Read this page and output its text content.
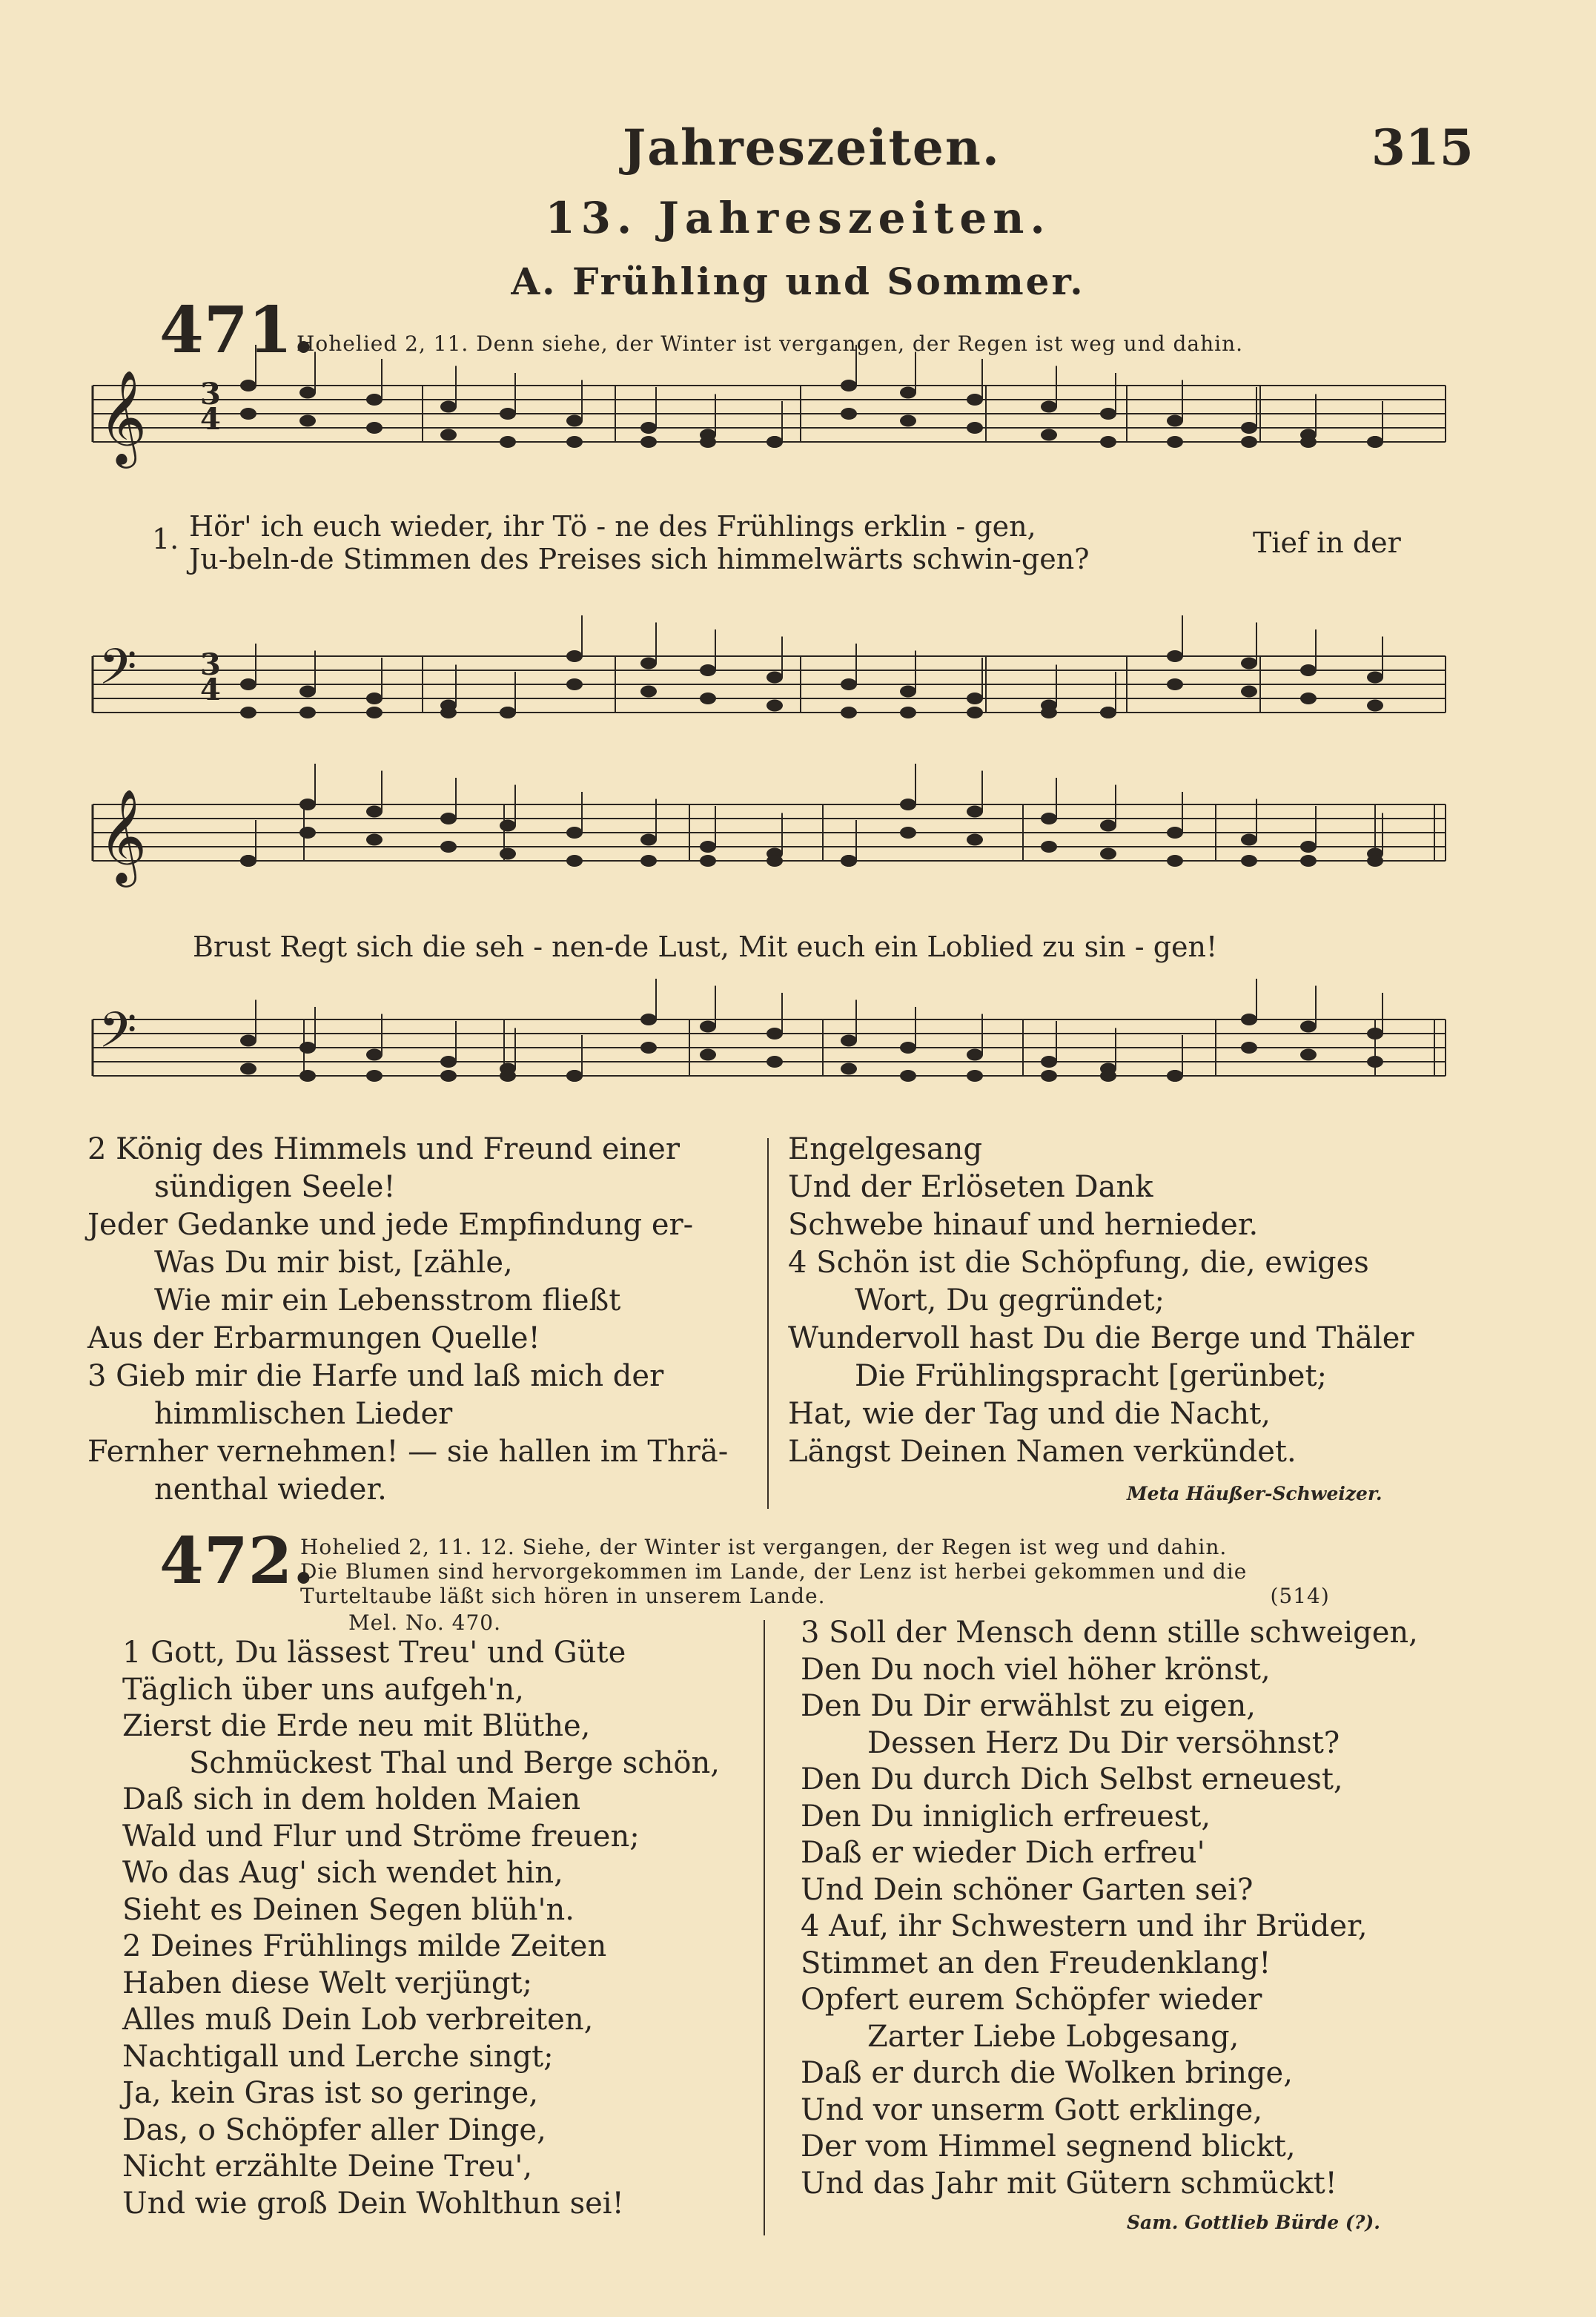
Jahreszeiten.	315
13. Jahreszeiten.
A. Frühling und Sommer.
471.
Hohelied 2, 11. Denn siehe, der Winter ist vergangen, der Regen ist weg und dahin.
𝄞
𝄢
𝄞
𝄢
3
4
3
4
1. Hör' ich euch wieder, ihr Tö - ne des Frühlings erklin - gen,
Ju-beln-de Stimmen des Preises sich himmelwärts schwin-gen?	Tief in der
Brust Regt sich die seh - nen-de Lust, Mit euch ein Loblied zu sin - gen!
2 König des Himmels und Freund einer
sündigen Seele!
Jeder Gedanke und jede Empfindung er-
Was Du mir bist, [zähle,
Wie mir ein Lebensstrom fließt
Aus der Erbarmungen Quelle!
3 Gieb mir die Harfe und laß mich der
himmlischen Lieder
Fernher vernehmen! — sie hallen im Thrä-
nenthal wieder.
Engelgesang
Und der Erlöseten Dank
Schwebe hinauf und hernieder.
4 Schön ist die Schöpfung, die, ewiges
Wort, Du gegründet;
Wundervoll hast Du die Berge und Thäler
Die Frühlingspracht [gerünbet;
Hat, wie der Tag und die Nacht,
Längst Deinen Namen verkündet.
Meta Häußer-Schweizer.
472.
Hohelied 2, 11. 12. Siehe, der Winter ist vergangen, der Regen ist weg und dahin.
Die Blumen sind hervorgekommen im Lande, der Lenz ist herbei gekommen und die
Turteltaube läßt sich hören in unserem Lande.	(514)
Mel. No. 470.
1 Gott, Du lässest Treu' und Güte
Täglich über uns aufgeh'n,
Zierst die Erde neu mit Blüthe,
Schmückest Thal und Berge schön,
Daß sich in dem holden Maien
Wald und Flur und Ströme freuen;
Wo das Aug' sich wendet hin,
Sieht es Deinen Segen blüh'n.
2 Deines Frühlings milde Zeiten
Haben diese Welt verjüngt;
Alles muß Dein Lob verbreiten,
Nachtigall und Lerche singt;
Ja, kein Gras ist so geringe,
Das, o Schöpfer aller Dinge,
Nicht erzählte Deine Treu',
Und wie groß Dein Wohlthun sei!
3 Soll der Mensch denn stille schweigen,
Den Du noch viel höher krönst,
Den Du Dir erwählst zu eigen,
Dessen Herz Du Dir versöhnst?
Den Du durch Dich Selbst erneuest,
Den Du inniglich erfreuest,
Daß er wieder Dich erfreu'
Und Dein schöner Garten sei?
4 Auf, ihr Schwestern und ihr Brüder,
Stimmet an den Freudenklang!
Opfert eurem Schöpfer wieder
Zarter Liebe Lobgesang,
Daß er durch die Wolken bringe,
Und vor unserm Gott erklinge,
Der vom Himmel segnend blickt,
Und das Jahr mit Gütern schmückt!
Sam. Gottlieb Bürde (?).
